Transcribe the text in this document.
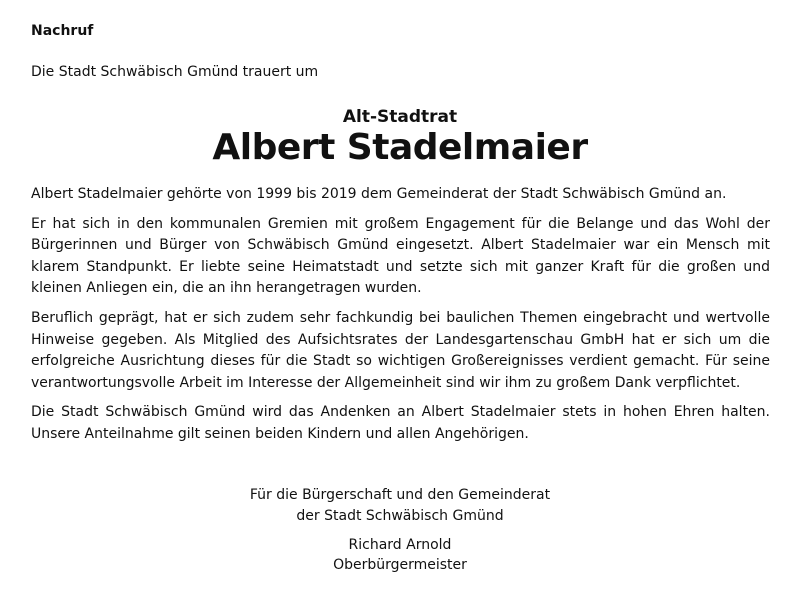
Nachruf
Die Stadt Schwäbisch Gmünd trauert um
Alt-Stadtrat
Albert Stadelmaier

Albert Stadelmaier gehörte von 1999 bis 2019 dem Gemeinderat der Stadt Schwäbisch Gmünd an.

Er hat sich in den kommunalen Gremien mit großem Engagement für die Belange und das Wohl der Bürgerinnen und Bürger von Schwäbisch Gmünd eingesetzt. Albert Stadelmaier war ein Mensch mit klarem Standpunkt. Er liebte seine Heimatstadt und setzte sich mit ganzer Kraft für die großen und kleinen Anliegen ein, die an ihn herangetragen wurden.

Beruflich geprägt, hat er sich zudem sehr fachkundig bei baulichen Themen eingebracht und wertvolle Hinweise gegeben. Als Mitglied des Aufsichtsrates der Landesgartenschau GmbH hat er sich um die erfolgreiche Ausrichtung dieses für die Stadt so wichtigen Großereignisses verdient gemacht. Für seine verantwortungsvolle Arbeit im Interesse der Allgemeinheit sind wir ihm zu großem Dank verpflichtet.

Die Stadt Schwäbisch Gmünd wird das Andenken an Albert Stadelmaier stets in hohen Ehren halten. Unsere Anteilnahme gilt seinen beiden Kindern und allen Angehörigen.

Für die Bürgerschaft und den Gemeinderat
der Stadt Schwäbisch Gmünd
Richard Arnold
Oberbürgermeister
